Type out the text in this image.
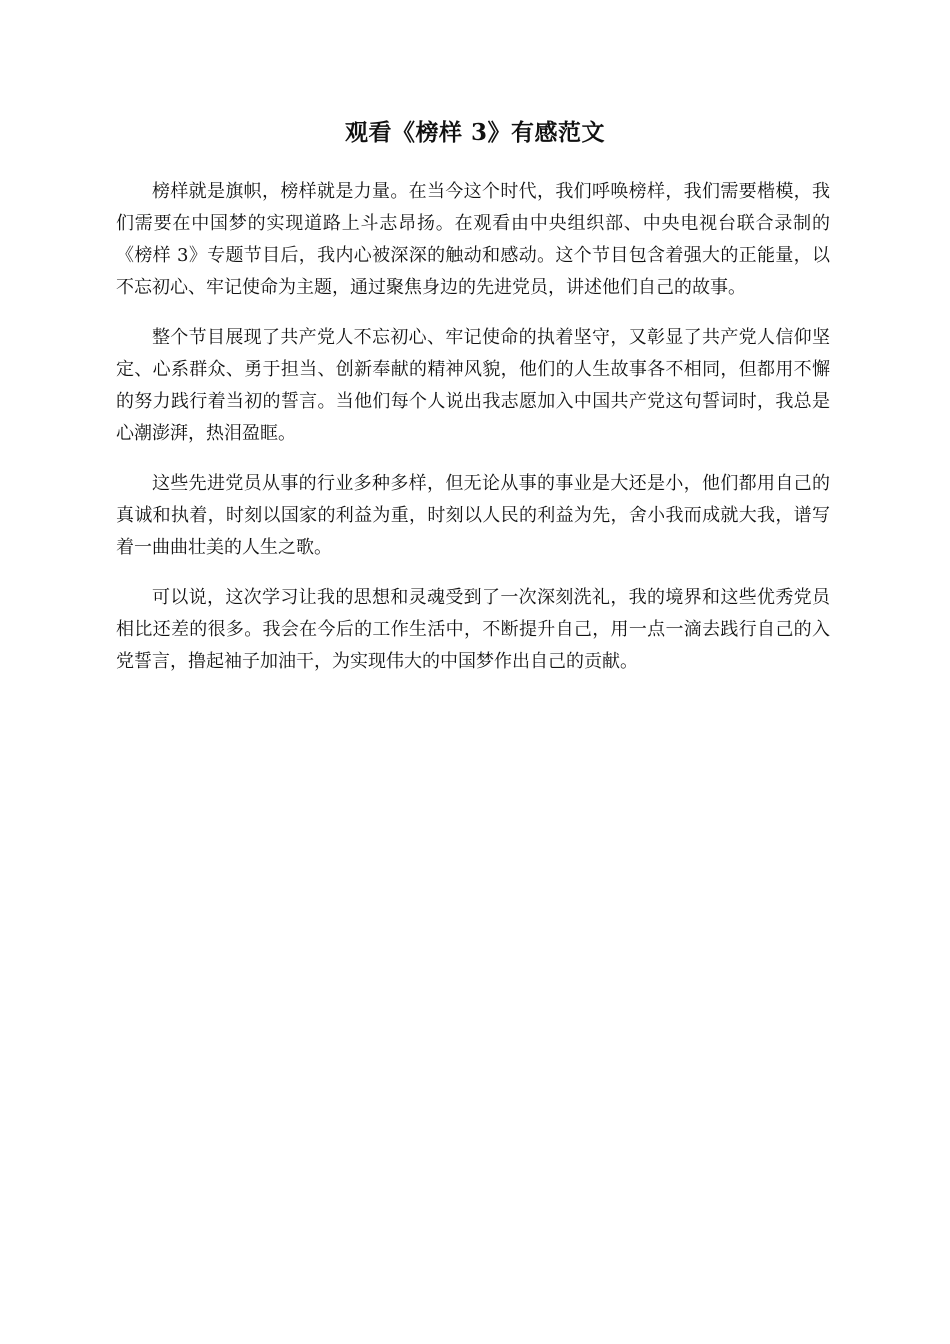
观看《榜样 3》有感范文

榜样就是旗帜，榜样就是力量。在当今这个时代，我们呼唤榜样，我们需要楷模，我们需要在中国梦的实现道路上斗志昂扬。在观看由中央组织部、中央电视台联合录制的《榜样 3》专题节目后，我内心被深深的触动和感动。这个节目包含着强大的正能量，以不忘初心、牢记使命为主题，通过聚焦身边的先进党员，讲述他们自己的故事。

整个节目展现了共产党人不忘初心、牢记使命的执着坚守，又彰显了共产党人信仰坚定、心系群众、勇于担当、创新奉献的精神风貌，他们的人生故事各不相同，但都用不懈的努力践行着当初的誓言。当他们每个人说出我志愿加入中国共产党这句誓词时，我总是心潮澎湃，热泪盈眶。

这些先进党员从事的行业多种多样，但无论从事的事业是大还是小，他们都用自己的真诚和执着，时刻以国家的利益为重，时刻以人民的利益为先，舍小我而成就大我，谱写着一曲曲壮美的人生之歌。

可以说，这次学习让我的思想和灵魂受到了一次深刻洗礼，我的境界和这些优秀党员相比还差的很多。我会在今后的工作生活中，不断提升自己，用一点一滴去践行自己的入党誓言，撸起袖子加油干，为实现伟大的中国梦作出自己的贡献。
